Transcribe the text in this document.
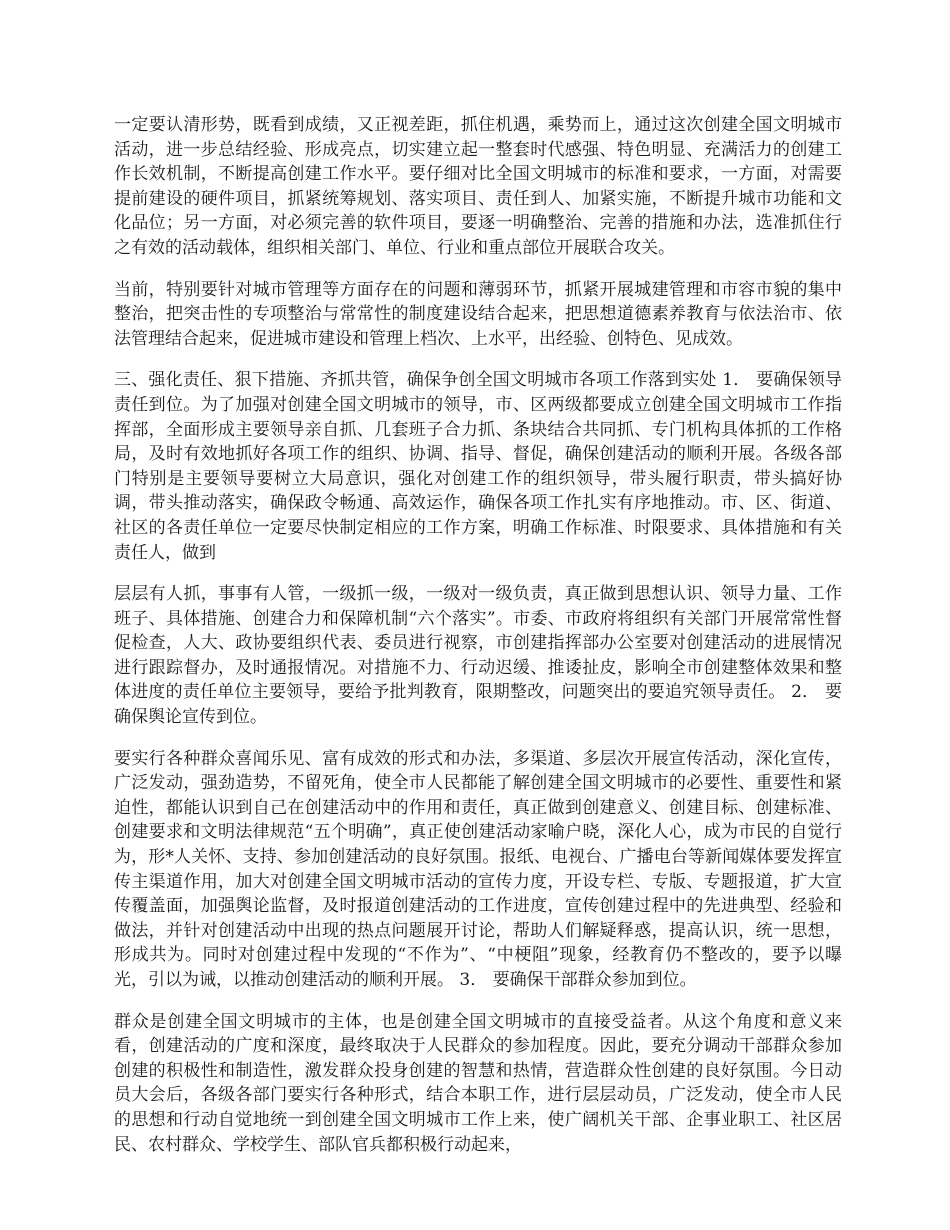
一定要认清形势，既看到成绩，又正视差距，抓住机遇，乘势而上，通过这次创建全国文明城市活动，进一步总结经验、形成亮点，切实建立起一整套时代感强、特色明显、充满活力的创建工作长效机制，不断提高创建工作水平。要仔细对比全国文明城市的标准和要求，一方面，对需要提前建设的硬件项目，抓紧统筹规划、落实项目、责任到人、加紧实施，不断提升城市功能和文化品位；另一方面，对必须完善的软件项目，要逐一明确整治、完善的措施和办法，选准抓住行之有效的活动载体，组织相关部门、单位、行业和重点部位开展联合攻关。

当前，特别要针对城市管理等方面存在的问题和薄弱环节，抓紧开展城建管理和市容市貌的集中整治，把突击性的专项整治与常常性的制度建设结合起来，把思想道德素养教育与依法治市、依法管理结合起来，促进城市建设和管理上档次、上水平，出经验、创特色、见成效。

三、强化责任、狠下措施、齐抓共管，确保争创全国文明城市各项工作落到实处 1． 要确保领导责任到位。为了加强对创建全国文明城市的领导，市、区两级都要成立创建全国文明城市工作指挥部，全面形成主要领导亲自抓、几套班子合力抓、条块结合共同抓、专门机构具体抓的工作格局，及时有效地抓好各项工作的组织、协调、指导、督促，确保创建活动的顺利开展。各级各部门特别是主要领导要树立大局意识，强化对创建工作的组织领导，带头履行职责，带头搞好协调，带头推动落实，确保政令畅通、高效运作，确保各项工作扎实有序地推动。市、区、街道、社区的各责任单位一定要尽快制定相应的工作方案，明确工作标准、时限要求、具体措施和有关责任人，做到

层层有人抓，事事有人管，一级抓一级，一级对一级负责，真正做到思想认识、领导力量、工作班子、具体措施、创建合力和保障机制“六个落实”。市委、市政府将组织有关部门开展常常性督促检查，人大、政协要组织代表、委员进行视察，市创建指挥部办公室要对创建活动的进展情况进行跟踪督办，及时通报情况。对措施不力、行动迟缓、推诿扯皮，影响全市创建整体效果和整体进度的责任单位主要领导，要给予批判教育，限期整改，问题突出的要追究领导责任。 2． 要确保舆论宣传到位。

要实行各种群众喜闻乐见、富有成效的形式和办法，多渠道、多层次开展宣传活动，深化宣传，广泛发动，强劲造势，不留死角，使全市人民都能了解创建全国文明城市的必要性、重要性和紧迫性，都能认识到自己在创建活动中的作用和责任，真正做到创建意义、创建目标、创建标准、创建要求和文明法律规范“五个明确”，真正使创建活动家喻户晓，深化人心，成为市民的自觉行为，形*人关怀、支持、参加创建活动的良好氛围。报纸、电视台、广播电台等新闻媒体要发挥宣传主渠道作用，加大对创建全国文明城市活动的宣传力度，开设专栏、专版、专题报道，扩大宣传覆盖面，加强舆论监督，及时报道创建活动的工作进度，宣传创建过程中的先进典型、经验和做法，并针对创建活动中出现的热点问题展开讨论，帮助人们解疑释惑，提高认识，统一思想，形成共为。同时对创建过程中发现的“不作为”、“中梗阻”现象，经教育仍不整改的，要予以曝光，引以为诫，以推动创建活动的顺利开展。 3． 要确保干部群众参加到位。

群众是创建全国文明城市的主体，也是创建全国文明城市的直接受益者。从这个角度和意义来看，创建活动的广度和深度，最终取决于人民群众的参加程度。因此，要充分调动干部群众参加创建的积极性和制造性，激发群众投身创建的智慧和热情，营造群众性创建的良好氛围。今日动员大会后，各级各部门要实行各种形式，结合本职工作，进行层层动员，广泛发动，使全市人民的思想和行动自觉地统一到创建全国文明城市工作上来，使广阔机关干部、企事业职工、社区居民、农村群众、学校学生、部队官兵都积极行动起来，
